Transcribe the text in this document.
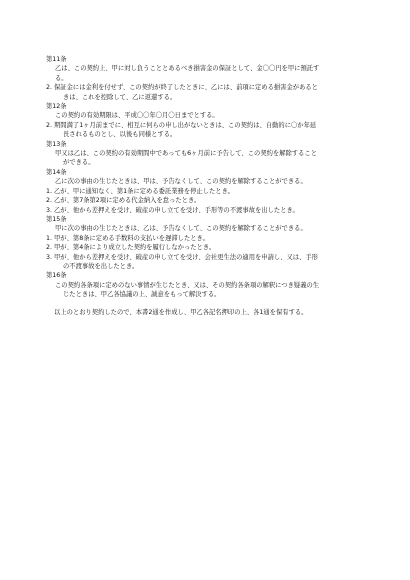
第11条
乙は、この契約上、甲に対し負うこととあるべき損害金の保証として、金〇〇円を甲に預託す
る。
2. 保証金には金利を付せず、この契約が終了したときに、乙には、前項に定める損害金があると
きは、これを控除して、乙に返還する。
第12条
この契約の有効期限は、平成〇〇年〇月〇日までとする。
2. 期間満了1ヶ月前までに、相互に何らの申し出がないときは、この契約は、自動的に〇か年延
長されるものとし、以後も同様とする。
第13条
甲又は乙は、この契約の有効期間中であっても6ヶ月前に予告して、この契約を解除すること
ができる。
第14条
乙に次の事由の生じたときは、甲は、予告なくして、この契約を解除することができる。
1. 乙が、甲に通知なく、第1条に定める委託業務を停止したとき。
2. 乙が、第7条第2項に定める代金納入を怠ったとき。
3. 乙が、他から差押えを受け、破産の申し立てを受け、手形等の不渡事故を出したとき。
第15条
甲に次の事由の生じたときは、乙は、予告なくして、この契約を解除することができる。
1. 甲が、第8条に定める手数料の支払いを遅滞したとき。
2. 甲が、第4条により成立した契約を履行しなかったとき。
3. 甲が、他から差押えを受け、破産の申し立てを受け、会社更生法の適用を申請し、又は、手形
の不渡事故を出したとき。
第16条
この契約各条項に定めのない事情が生じたとき、又は、その契約各条項の解釈につき疑義の生
じたときは、甲乙各協議の上、誠意をもって解決する。
以上のとおり契約したので、本書2通を作成し、甲乙各記名押印の上、各1通を保有する。
